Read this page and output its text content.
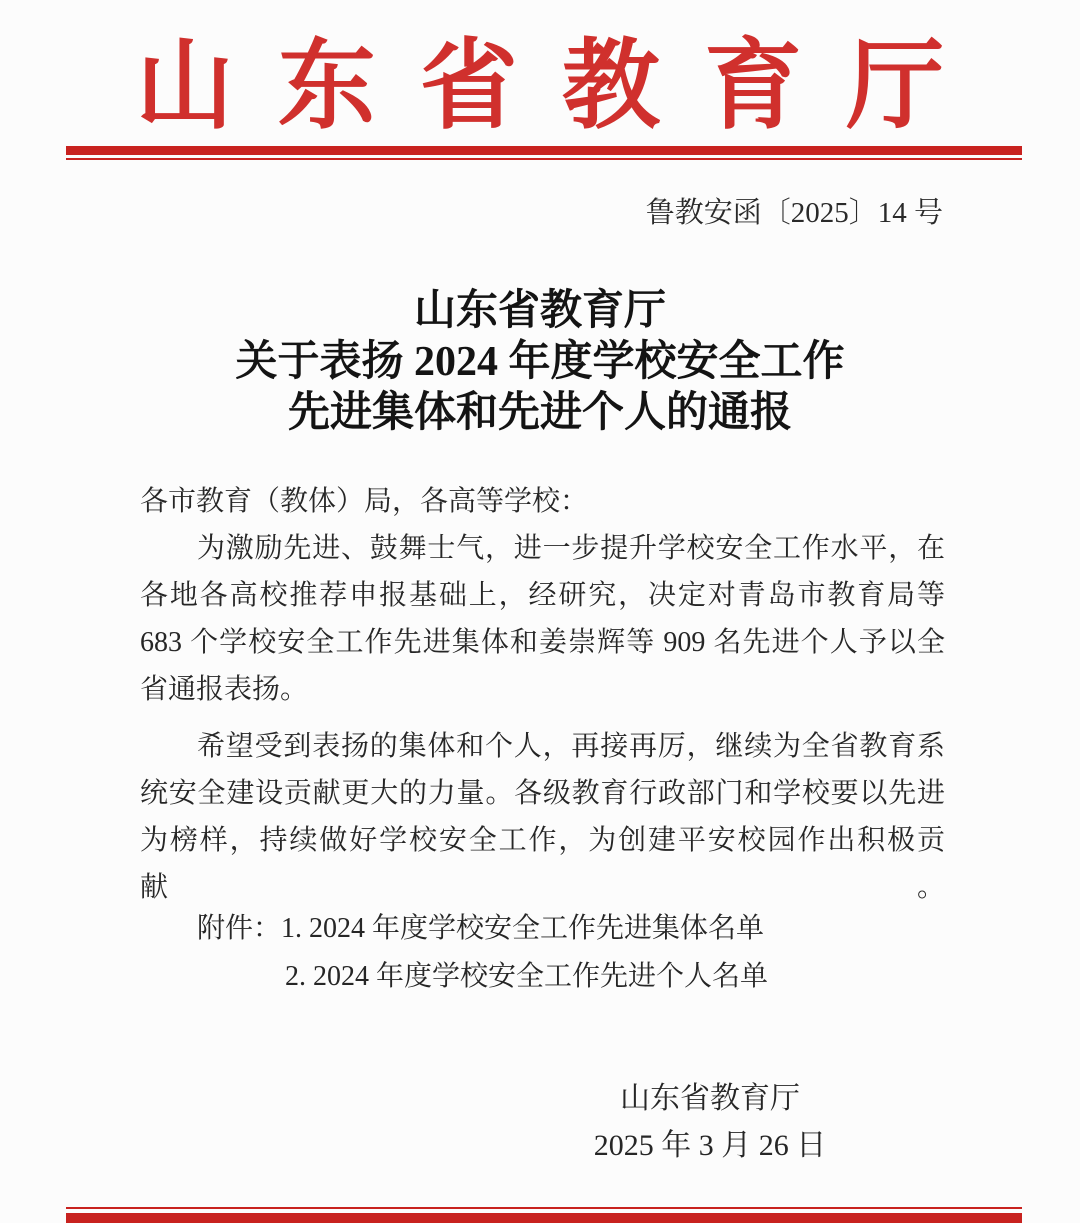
山东省教育厅
鲁教安函〔2025〕14 号
山东省教育厅
关于表扬 2024 年度学校安全工作
先进集体和先进个人的通报
各市教育（教体）局，各高等学校：
为激励先进、鼓舞士气，进一步提升学校安全工作水平，在
各地各高校推荐申报基础上，经研究，决定对青岛市教育局等
683 个学校安全工作先进集体和姜崇辉等 909 名先进个人予以全
省通报表扬。
希望受到表扬的集体和个人，再接再厉，继续为全省教育系
统安全建设贡献更大的力量。各级教育行政部门和学校要以先进
为榜样，持续做好学校安全工作，为创建平安校园作出积极贡献。
附件：1. 2024 年度学校安全工作先进集体名单
2. 2024 年度学校安全工作先进个人名单
山东省教育厅
2025 年 3 月 26 日
